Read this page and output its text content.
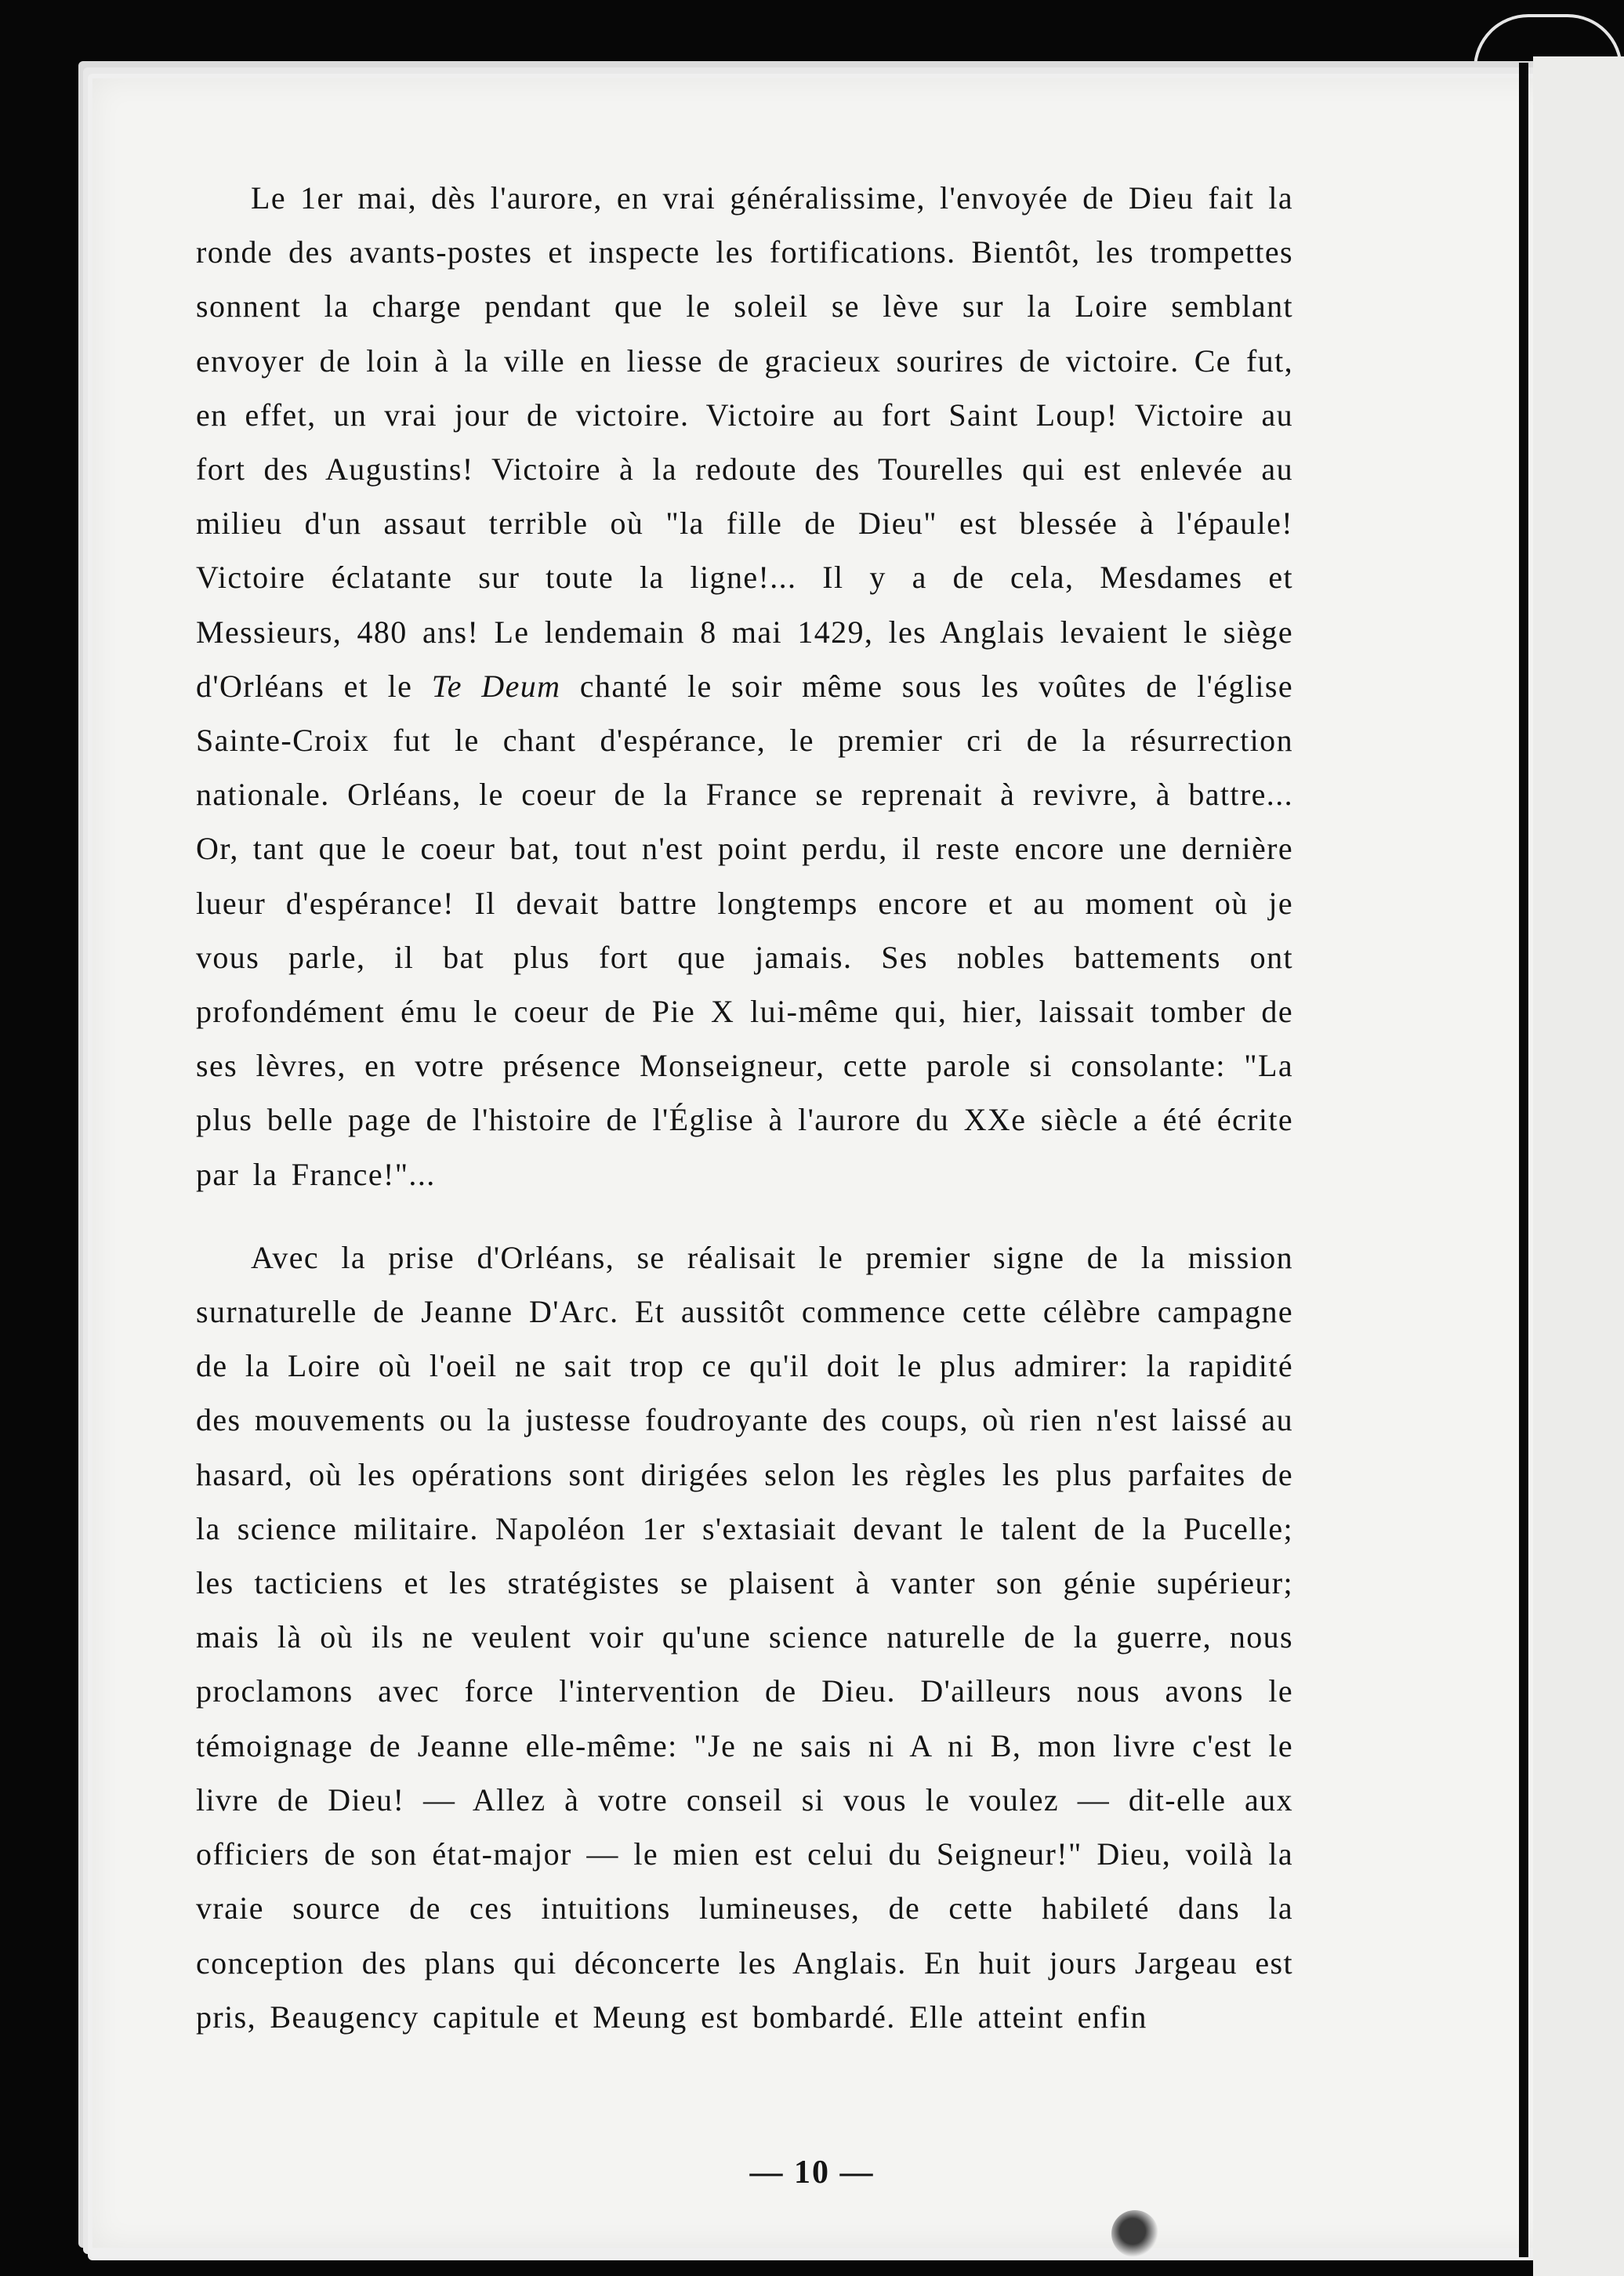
Le 1er mai, dès l'aurore, en vrai généralissime, l'envoyée de Dieu fait la ronde des avants-postes et inspecte les fortifications. Bientôt, les trompettes sonnent la charge pendant que le soleil se lève sur la Loire semblant envoyer de loin à la ville en liesse de gracieux sourires de victoire. Ce fut, en effet, un vrai jour de victoire. Victoire au fort Saint Loup! Victoire au fort des Augustins! Victoire à la redoute des Tourelles qui est enlevée au milieu d'un assaut terrible où "la fille de Dieu" est blessée à l'épaule! Victoire éclatante sur toute la ligne!... Il y a de cela, Mesdames et Messieurs, 480 ans! Le lendemain 8 mai 1429, les Anglais levaient le siège d'Orléans et le Te Deum chanté le soir même sous les voûtes de l'église Sainte-Croix fut le chant d'espérance, le premier cri de la résurrection nationale. Orléans, le coeur de la France se reprenait à revivre, à battre... Or, tant que le coeur bat, tout n'est point perdu, il reste encore une dernière lueur d'espérance! Il devait battre longtemps encore et au moment où je vous parle, il bat plus fort que jamais. Ses nobles battements ont profondément ému le coeur de Pie X lui-même qui, hier, laissait tomber de ses lèvres, en votre présence Monseigneur, cette parole si consolante: "La plus belle page de l'histoire de l'Église à l'aurore du XXe siècle a été écrite par la France!"...

Avec la prise d'Orléans, se réalisait le premier signe de la mission surnaturelle de Jeanne D'Arc. Et aussitôt commence cette célèbre campagne de la Loire où l'oeil ne sait trop ce qu'il doit le plus admirer: la rapidité des mouvements ou la justesse foudroyante des coups, où rien n'est laissé au hasard, où les opérations sont dirigées selon les règles les plus parfaites de la science militaire. Napoléon 1er s'extasiait devant le talent de la Pucelle; les tacticiens et les stratégistes se plaisent à vanter son génie supérieur; mais là où ils ne veulent voir qu'une science naturelle de la guerre, nous proclamons avec force l'intervention de Dieu. D'ailleurs nous avons le témoignage de Jeanne elle-même: "Je ne sais ni A ni B, mon livre c'est le livre de Dieu! — Allez à votre conseil si vous le voulez — dit-elle aux officiers de son état-major — le mien est celui du Seigneur!" Dieu, voilà la vraie source de ces intuitions lumineuses, de cette habileté dans la conception des plans qui déconcerte les Anglais. En huit jours Jargeau est pris, Beaugency capitule et Meung est bombardé. Elle atteint enfin

— 10 —
